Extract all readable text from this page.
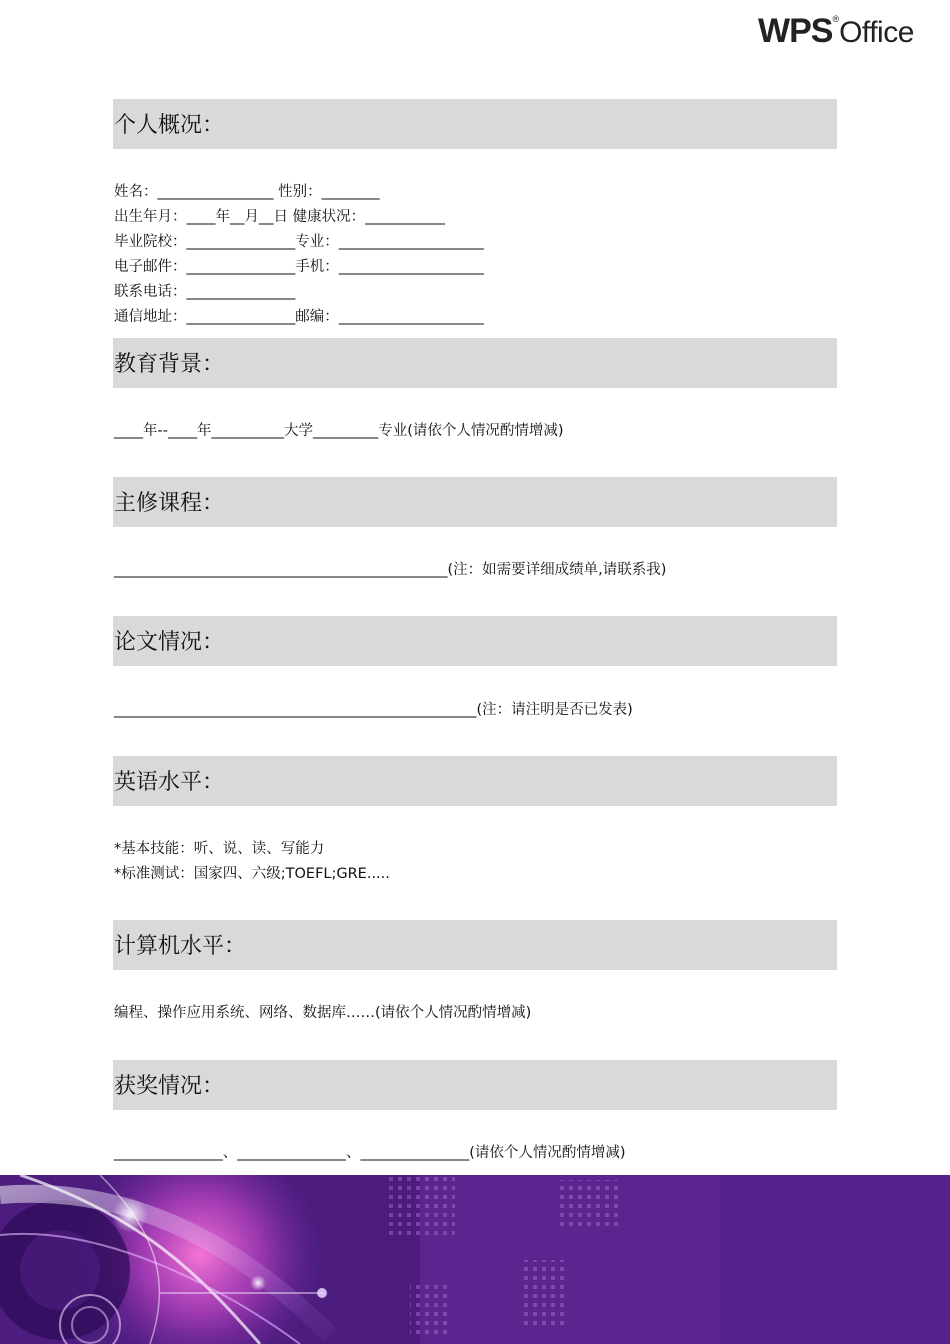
WPS®Office
个人概况：
姓名：________________ 性别：________
出生年月：____年__月__日 健康状况：___________
毕业院校：_______________专业：____________________
电子邮件：_______________手机：____________________
联系电话：_______________
通信地址：_______________邮编：____________________
教育背景：
____年--____年__________大学_________专业(请依个人情况酌情增减)
主修课程：
______________________________________________(注：如需要详细成绩单,请联系我)
论文情况：
__________________________________________________(注：请注明是否已发表)
英语水平：
*基本技能：听、说、读、写能力
*标准测试：国家四、六级;TOEFL;GRE.....
计算机水平：
编程、操作应用系统、网络、数据库……(请依个人情况酌情增减)
获奖情况：
_______________、_______________、_______________(请依个人情况酌情增减)
